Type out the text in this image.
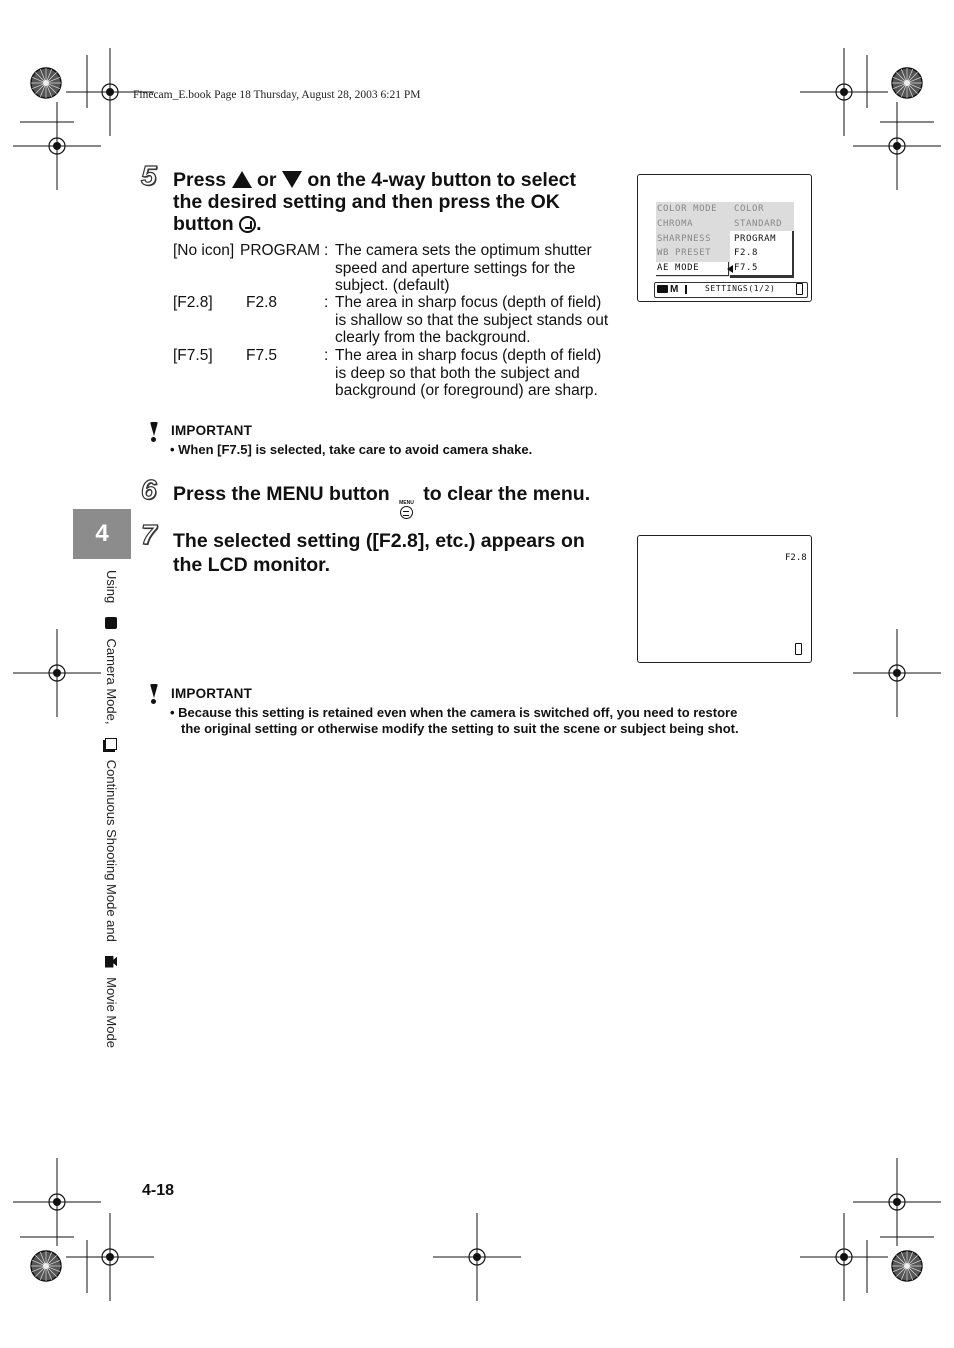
Finecam_E.book Page 18 Thursday, August 28, 2003 6:21 PM
5 Press or on the 4-way button to select
the desired setting and then press the OK
button .
[No icon] PROGRAM : The camera sets the optimum shutter
speed and aperture settings for the
subject. (default)
[F2.8] F2.8	: The area in sharp focus (depth of field)
is shallow so that the subject stands out
clearly from the background.
[F7.5] F7.5	: The area in sharp focus (depth of field)
is deep so that both the subject and
background (or foreground) are sharp.
COLOR MODE COLOR
CHROMA	STANDARD
SHARPNESS	PROGRAM
WB PRESET	F2.8
AE MODE	F7.5
M	SETTINGS(1/2)
IMPORTANT
• When [F7.5] is selected, take care to avoid camera shake.
6 Press the MENU button MENU to clear the menu.
4
Using  Camera Mode,  Continuous Shooting Mode and  Movie Mode
7 The selected setting ([F2.8], etc.) appears on
the LCD monitor.	F2.8
IMPORTANT
• Because this setting is retained even when the camera is switched off, you need to restore
the original setting or otherwise modify the setting to suit the scene or subject being shot.
4-18
